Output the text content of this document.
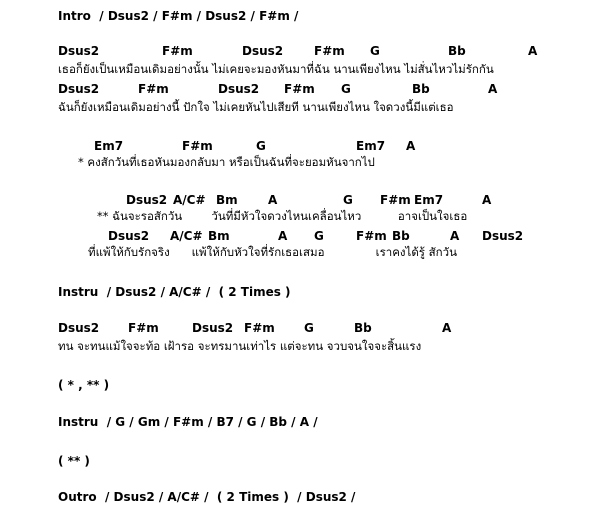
Intro  / Dsus2 / F#m / Dsus2 / F#m /

Dsus2

	F#m

	Dsus2

	F#m

G

	Bb

	A

เธอก็ยังเป็นเหมือนเดิมอย่างนั้น ไม่เคยจะมองหันมาที่ฉัน นานเพียงไหน ไม่สั่นไหวไม่รักกัน

Dsus2

	F#m

	Dsus2

F#m

G

	Bb

	A

ฉันก็ยังเหมือนเดิมอย่างนี้ ปักใจ ไม่เคยหันไปเสียที นานเพียงไหน ใจดวงนี้มีแต่เธอ

Em7

	F#m

	G

	Em7

A

* คงสักวันที่เธอหันมองกลับมา หรือเป็นฉันที่จะยอมหันจากไป

Dsus2

A/C#

Bm

	A

	G

F#m

Em7

	A

** ฉันจะรอสักวัน        วันที่มีหัวใจดวงไหนเคลื่อนไหว          อาจเป็นใจเธอ

Dsus2

A/C#

Bm

	A

G

	F#m

Bb

	A

Dsus2

ที่แพ้ให้กับรักจริง      แพ้ให้กับหัวใจที่รักเธอเสมอ              เราคงได้รู้ สักวัน
Instru  / Dsus2 / A/C# /  ( 2 Times )

Dsus2

F#m

	Dsus2

F#m

G

	Bb

	A

ทน จะทนแม้ใจจะท้อ เฝ้ารอ จะทรมานเท่าไร แต่จะทน จวบจนใจจะสิ้นแรง
( * , ** )
Instru  / G / Gm / F#m / B7 / G / Bb / A /
( ** )
Outro  / Dsus2 / A/C# /  ( 2 Times )  / Dsus2 /
